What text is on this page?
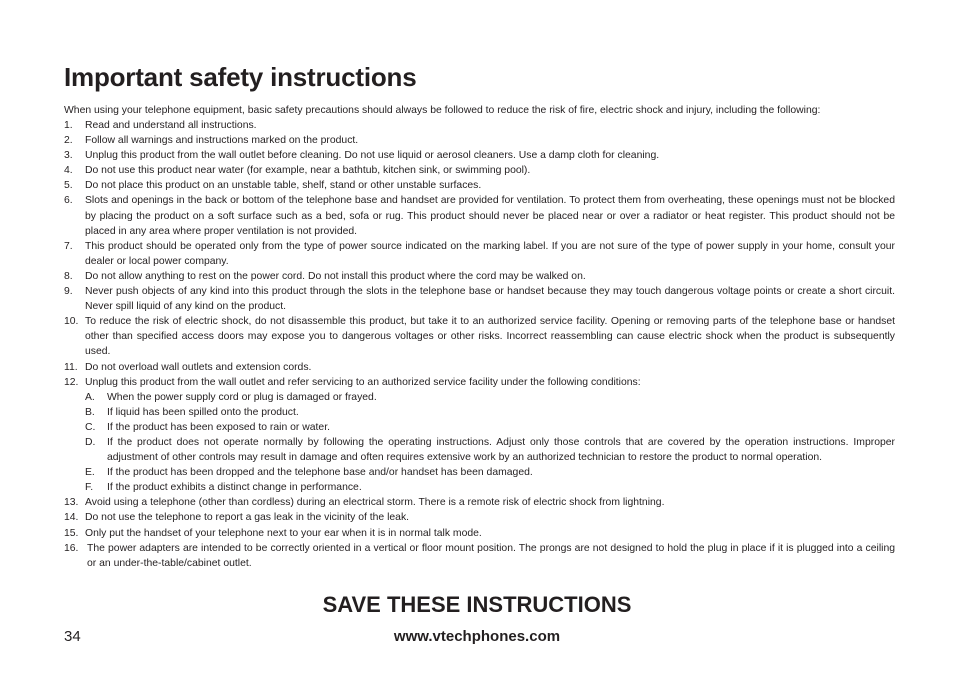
Important safety instructions
When using your telephone equipment, basic safety precautions should always be followed to reduce the risk of fire, electric shock and injury, including the following:
1. Read and understand all instructions.
2. Follow all warnings and instructions marked on the product.
3. Unplug this product from the wall outlet before cleaning. Do not use liquid or aerosol cleaners. Use a damp cloth for cleaning.
4. Do not use this product near water (for example, near a bathtub, kitchen sink, or swimming pool).
5. Do not place this product on an unstable table, shelf, stand or other unstable surfaces.
6. Slots and openings in the back or bottom of the telephone base and handset are provided for ventilation. To protect them from overheating, these openings must not be blocked by placing the product on a soft surface such as a bed, sofa or rug. This product should never be placed near or over a radiator or heat register. This product should not be placed in any area where proper ventilation is not provided.
7. This product should be operated only from the type of power source indicated on the marking label. If you are not sure of the type of power supply in your home, consult your dealer or local power company.
8. Do not allow anything to rest on the power cord. Do not install this product where the cord may be walked on.
9. Never push objects of any kind into this product through the slots in the telephone base or handset because they may touch dangerous voltage points or create a short circuit. Never spill liquid of any kind on the product.
10. To reduce the risk of electric shock, do not disassemble this product, but take it to an authorized service facility. Opening or removing parts of the telephone base or handset other than specified access doors may expose you to dangerous voltages or other risks. Incorrect reassembling can cause electric shock when the product is subsequently used.
11. Do not overload wall outlets and extension cords.
12. Unplug this product from the wall outlet and refer servicing to an authorized service facility under the following conditions:
A. When the power supply cord or plug is damaged or frayed.
B. If liquid has been spilled onto the product.
C. If the product has been exposed to rain or water.
D. If the product does not operate normally by following the operating instructions. Adjust only those controls that are covered by the operation instructions. Improper adjustment of other controls may result in damage and often requires extensive work by an authorized technician to restore the product to normal operation.
E. If the product has been dropped and the telephone base and/or handset has been damaged.
F. If the product exhibits a distinct change in performance.
13. Avoid using a telephone (other than cordless) during an electrical storm. There is a remote risk of electric shock from lightning.
14. Do not use the telephone to report a gas leak in the vicinity of the leak.
15. Only put the handset of your telephone next to your ear when it is in normal talk mode.
16. The power adapters are intended to be correctly oriented in a vertical or floor mount position. The prongs are not designed to hold the plug in place if it is plugged into a ceiling or an under-the-table/cabinet outlet.
SAVE THESE INSTRUCTIONS
34	www.vtechphones.com
